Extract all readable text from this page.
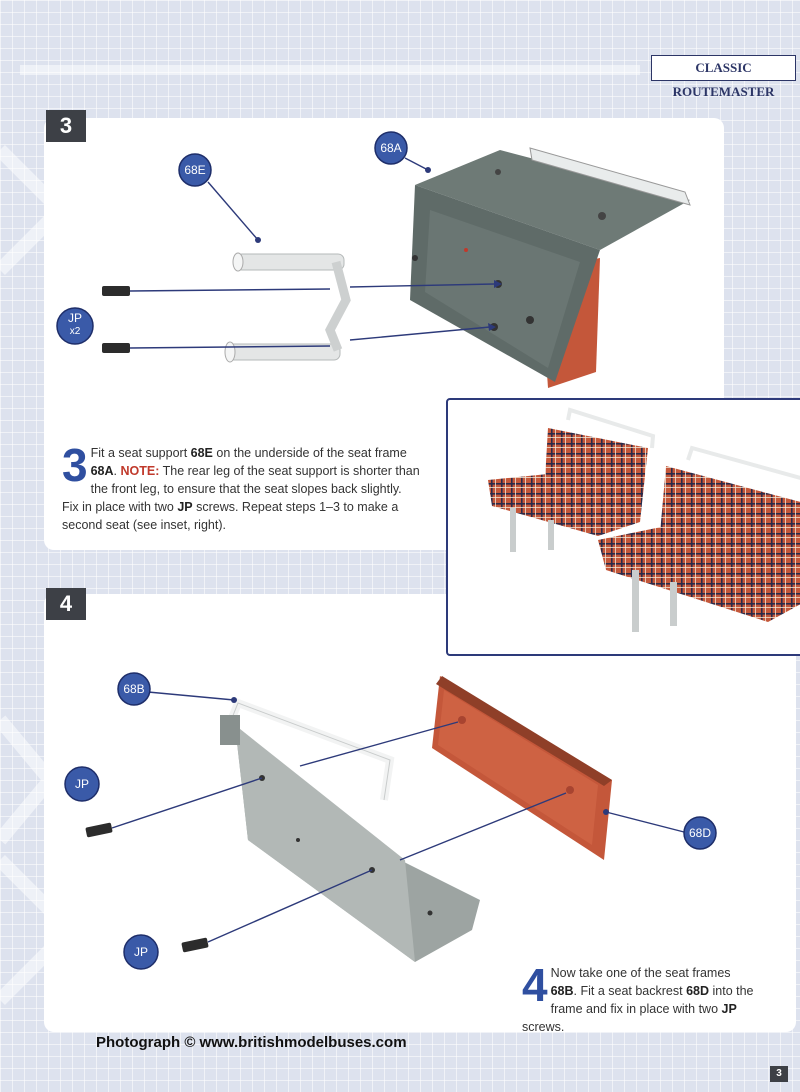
CLASSIC ROUTEMASTER
3
4
68A
68E
JP
x2
68B
JP
JP
68D
3 Fit a seat support 68E on the underside of the seat frame 68A. NOTE: The rear leg of the seat support is shorter than the front leg, to ensure that the seat slopes back slightly. Fix in place with two JP screws. Repeat steps 1–3 to make a second seat (see inset, right).
4 Now take one of the seat frames 68B. Fit a seat backrest 68D into the frame and fix in place with two JP screws.
Photograph © www.britishmodelbuses.com
3
